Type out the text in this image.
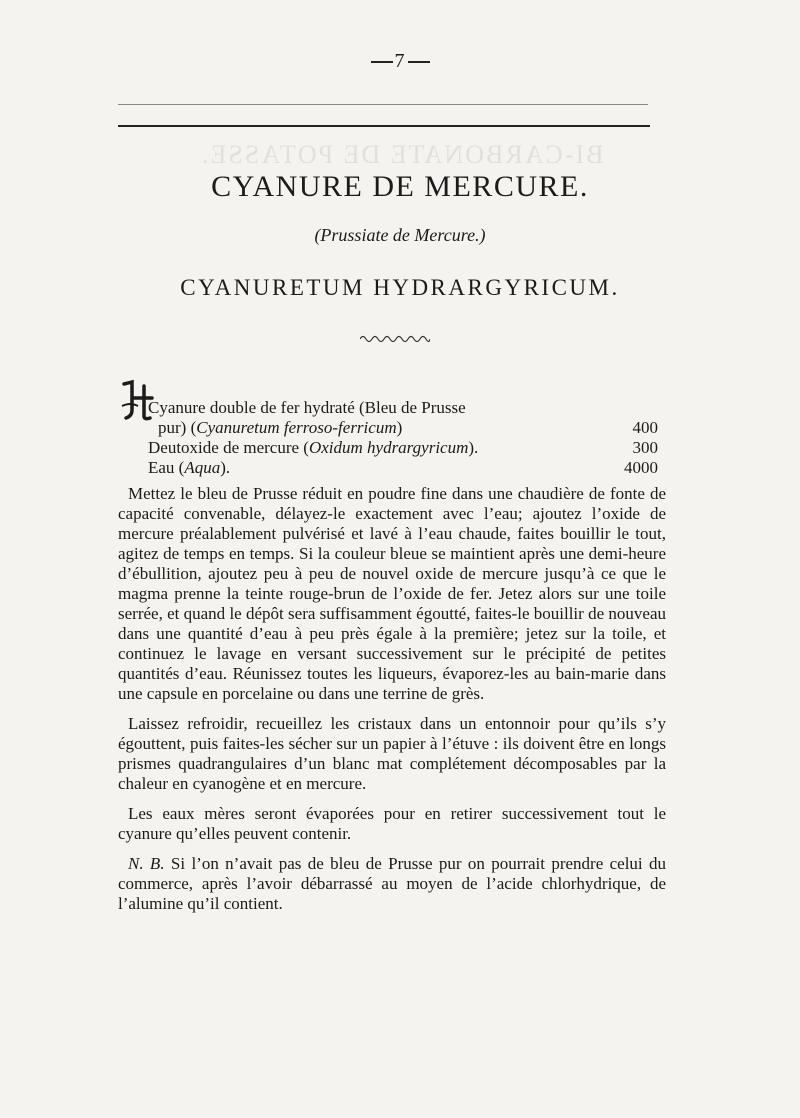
BI-CARBONATE DE POTASSE.
7
CYANURE DE MERCURE.
(Prussiate de Mercure.)
CYANURETUM HYDRARGYRICUM.
Cyanure double de fer hydraté (Bleu de Prusse
pur) (Cyanuretum ferroso-ferricum)	400
Deutoxide de mercure (Oxidum hydrargyricum).	300
Eau (Aqua).	4000

Mettez le bleu de Prusse réduit en poudre fine dans une chaudière de fonte de capacité convenable, délayez-le exactement avec l’eau; ajoutez l’oxide de mercure préalablement pulvérisé et lavé à l’eau chaude, faites bouillir le tout, agitez de temps en temps. Si la couleur bleue se maintient après une demi-heure d’ébullition, ajoutez peu à peu de nouvel oxide de mercure jusqu’à ce que le magma prenne la teinte rouge-brun de l’oxide de fer. Jetez alors sur une toile serrée, et quand le dépôt sera suffisamment égoutté, faites-le bouillir de nouveau dans une quantité d’eau à peu près égale à la première; jetez sur la toile, et continuez le lavage en versant successivement sur le précipité de petites quantités d’eau. Réunissez toutes les liqueurs, évaporez-les au bain-marie dans une capsule en porcelaine ou dans une terrine de grès.

Laissez refroidir, recueillez les cristaux dans un entonnoir pour qu’ils s’y égouttent, puis faites-les sécher sur un papier à l’étuve : ils doivent être en longs prismes quadrangulaires d’un blanc mat complétement décomposables par la chaleur en cyanogène et en mercure.

Les eaux mères seront évaporées pour en retirer successivement tout le cyanure qu’elles peuvent contenir.

N. B. Si l’on n’avait pas de bleu de Prusse pur on pourrait prendre celui du commerce, après l’avoir débarrassé au moyen de l’acide chlorhydrique, de l’alumine qu’il contient.
